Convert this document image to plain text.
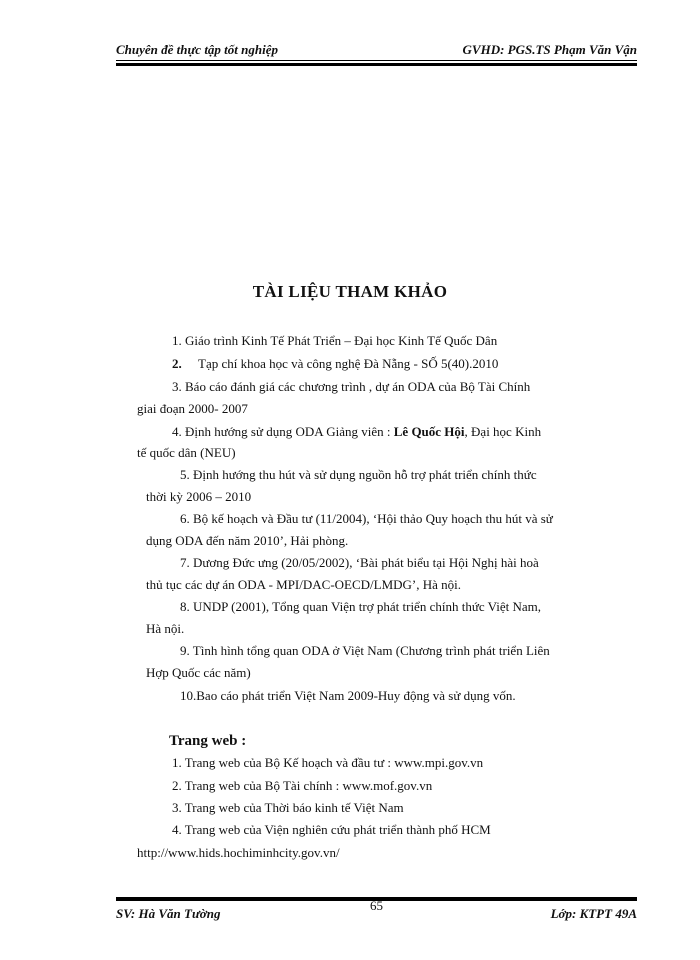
Chuyên đề thực tập tốt nghiệp	GVHD: PGS.TS Phạm Văn Vận
TÀI LIỆU THAM KHẢO
1. Giáo trình Kinh Tế Phát Triển – Đại học Kinh Tế Quốc Dân
2. Tạp chí khoa học và công nghệ Đà Nẵng - SỐ 5(40).2010
3. Báo cáo đánh giá các chương trình , dự án ODA của Bộ Tài Chính
giai đoạn 2000- 2007
4. Định hướng sử dụng ODA Giảng viên : Lê Quốc Hội, Đại học Kinh
tế quốc dân (NEU)
5. Định hướng thu hút và sử dụng nguồn hỗ trợ phát triển chính thức
thời kỳ 2006 – 2010
6. Bộ kế hoạch và Đầu tư (11/2004), ‘Hội thảo Quy hoạch thu hút và sử
dụng ODA đến năm 2010’, Hải phòng.
7. Dương Đức ưng (20/05/2002), ‘Bài phát biểu tại Hội Nghị hài hoà
thủ tục các dự án ODA - MPI/DAC-OECD/LMDG’, Hà nội.
8. UNDP (2001), Tổng quan Viện trợ phát triển chính thức Việt Nam,
Hà nội.
9. Tình hình tổng quan ODA ở Việt Nam (Chương trình phát triển Liên
Hợp Quốc các năm)
10.Bao cáo phát triển Việt Nam 2009-Huy động và sử dụng vốn.
Trang web :
1. Trang web của Bộ Kế hoạch và đầu tư : www.mpi.gov.vn
2. Trang web của Bộ Tài chính : www.mof.gov.vn
3. Trang web của Thời báo kinh tế Việt Nam
4. Trang web của Viện nghiên cứu phát triển thành phố HCM
http://www.hids.hochiminhcity.gov.vn/
SV: Hà Văn Tường
65
Lớp: KTPT 49A
